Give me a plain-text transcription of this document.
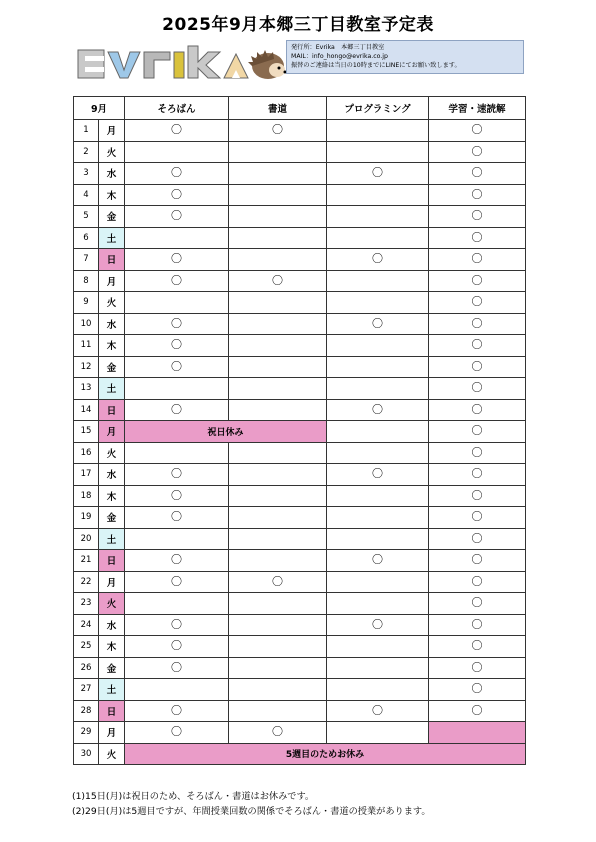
2025年9月本郷三丁目教室予定表
発行所：Evrika　本郷三丁目教室
MAIL：info_hongo@evrika.co.jp
振替のご連絡は当日の10時までにLINEにてお願い致します。
9月		そろばん	書道	プログラミング	学習・速読解
1	月	〇	〇		〇
2	火				〇
3	水	〇		〇	〇
4	木	〇			〇
5	金	〇			〇
6	土				〇
7	日	〇		〇	〇
8	月	〇	〇		〇
9	火				〇
10	水	〇		〇	〇
11	木	〇			〇
12	金	〇			〇
13	土				〇
14	日	〇		〇	〇
15	月	祝日休み			〇
16	火				〇
17	水	〇		〇	〇
18	木	〇			〇
19	金	〇			〇
20	土				〇
21	日	〇		〇	〇
22	月	〇	〇		〇
23	火				〇
24	水	〇		〇	〇
25	木	〇			〇
26	金	〇			〇
27	土				〇
28	日	〇		〇	〇
29	月	〇	〇		
30	火	5週目のためお休み			
(1)15日(月)は祝日のため、そろばん・書道はお休みです。
(2)29日(月)は5週目ですが、年間授業回数の関係でそろばん・書道の授業があります。
